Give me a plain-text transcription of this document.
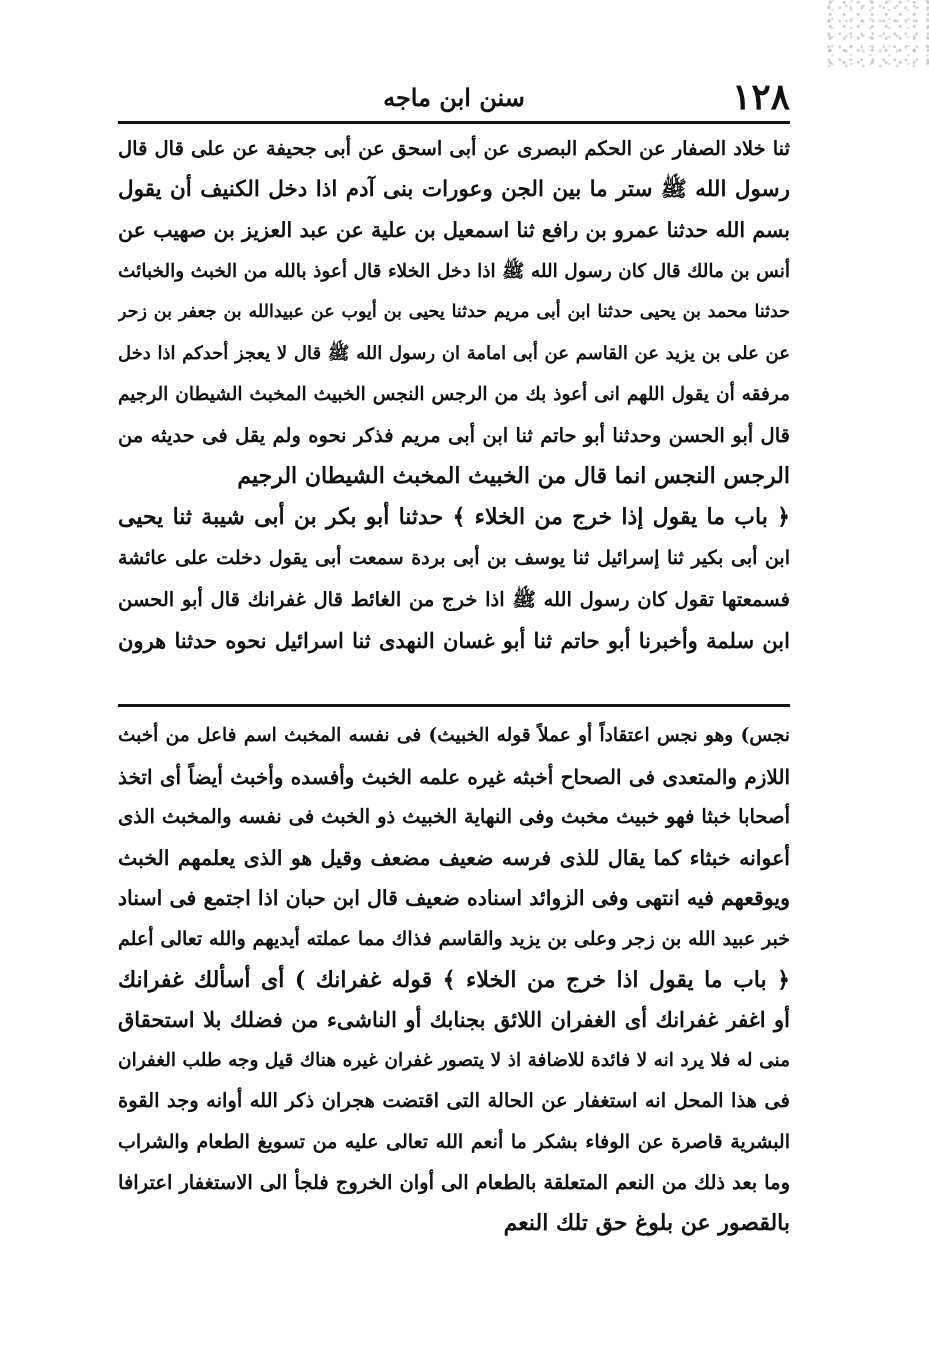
١٢٨
سنن ابن ماجه
ثنا خلاد الصفار عن الحكم البصرى عن أبى اسحق عن أبى جحيفة عن على قال قال
رسول الله ﷺ ستر ما بين الجن وعورات بنى آدم اذا دخل الكنيف أن يقول
بسم الله حدثنا عمرو بن رافع ثنا اسمعيل بن علية عن عبد العزيز بن صهيب عن
أنس بن مالك قال كان رسول الله ﷺ اذا دخل الخلاء قال أعوذ بالله من الخبث والخبائث
حدثنا محمد بن يحيى حدثنا ابن أبى مريم حدثنا يحيى بن أيوب عن عبيدالله بن جعفر بن زحر
عن على بن يزيد عن القاسم عن أبى امامة ان رسول الله ﷺ قال لا يعجز أحدكم اذا دخل
مرفقه أن يقول اللهم انى أعوذ بك من الرجس النجس الخبيث المخبث الشيطان الرجيم
قال أبو الحسن وحدثنا أبو حاتم ثنا ابن أبى مريم فذكر نحوه ولم يقل فى حديثه من
الرجس النجس انما قال من الخبيث المخبث الشيطان الرجيم
﴿ باب ما يقول إذا خرج من الخلاء ﴾ حدثنا أبو بكر بن أبى شيبة ثنا يحيى
ابن أبى بكير ثنا إسرائيل ثنا يوسف بن أبى بردة سمعت أبى يقول دخلت على عائشة
فسمعتها تقول كان رسول الله ﷺ اذا خرج من الغائط قال غفرانك قال أبو الحسن
ابن سلمة وأخبرنا أبو حاتم ثنا أبو غسان النهدى ثنا اسرائيل نحوه حدثنا هرون
نجس) وهو نجس اعتقاداً أو عملاً قوله الخبيث) فى نفسه المخبث اسم فاعل من أخبث
اللازم والمتعدى فى الصحاح أخبثه غيره علمه الخبث وأفسده وأخبث أيضاً أى اتخذ
أصحابا خبثا فهو خبيث مخبث وفى النهاية الخبيث ذو الخبث فى نفسه والمخبث الذى
أعوانه خبثاء كما يقال للذى فرسه ضعيف مضعف وقيل هو الذى يعلمهم الخبث
ويوقعهم فيه انتهى وفى الزوائد اسناده ضعيف قال ابن حبان اذا اجتمع فى اسناد
خبر عبيد الله بن زجر وعلى بن يزيد والقاسم فذاك مما عملته أيديهم والله تعالى أعلم
﴿ باب ما يقول اذا خرج من الخلاء ﴾ قوله غفرانك ) أى أسألك غفرانك
أو اغفر غفرانك أى الغفران اللائق بجنابك أو الناشىء من فضلك بلا استحقاق
منى له فلا يرد انه لا فائدة للاضافة اذ لا يتصور غفران غيره هناك قيل وجه طلب الغفران
فى هذا المحل انه استغفار عن الحالة التى اقتضت هجران ذكر الله أوانه وجد القوة
البشرية قاصرة عن الوفاء بشكر ما أنعم الله تعالى عليه من تسويغ الطعام والشراب
وما بعد ذلك من النعم المتعلقة بالطعام الى أوان الخروج فلجأ الى الاستغفار اعترافا
بالقصور عن بلوغ حق تلك النعم
